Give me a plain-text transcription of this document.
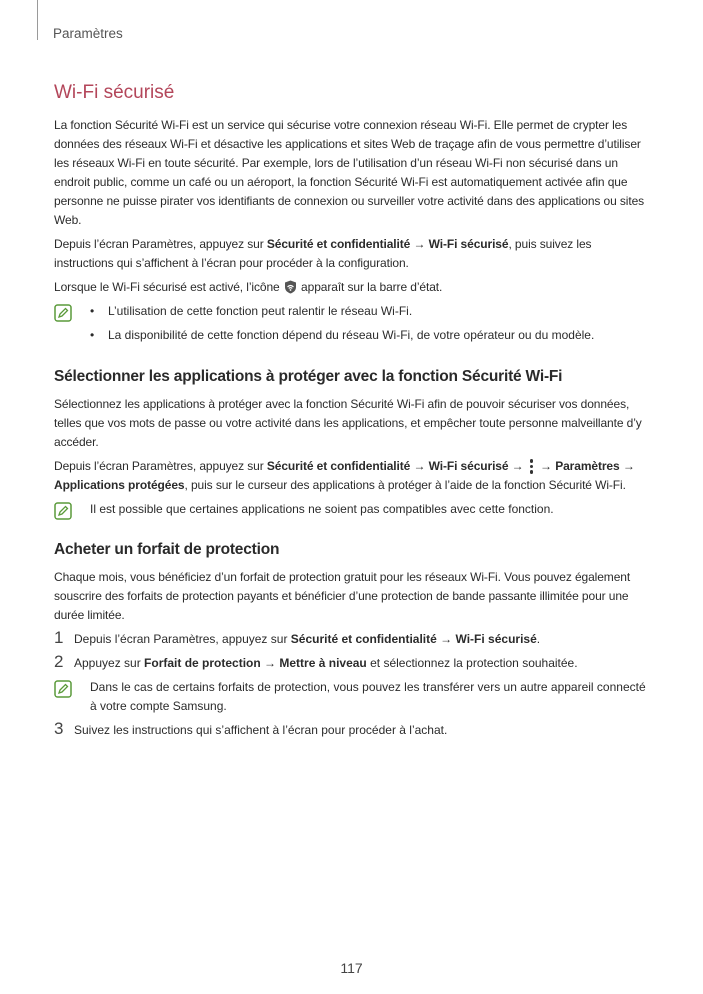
Paramètres
Wi-Fi sécurisé

La fonction Sécurité Wi-Fi est un service qui sécurise votre connexion réseau Wi-Fi. Elle permet de crypter les données des réseaux Wi-Fi et désactive les applications et sites Web de traçage afin de vous permettre d’utiliser les réseaux Wi-Fi en toute sécurité. Par exemple, lors de l’utilisation d’un réseau Wi-Fi non sécurisé dans un endroit public, comme un café ou un aéroport, la fonction Sécurité Wi-Fi est automatiquement activée afin que personne ne puisse pirater vos identifiants de connexion ou surveiller votre activité dans des applications ou sites Web.

Depuis l’écran Paramètres, appuyez sur Sécurité et confidentialité → Wi-Fi sécurisé, puis suivez les instructions qui s’affichent à l’écran pour procéder à la configuration.

Lorsque le Wi-Fi sécurisé est activé, l’icône  apparaît sur la barre d’état.

• L’utilisation de cette fonction peut ralentir le réseau Wi-Fi.
• La disponibilité de cette fonction dépend du réseau Wi-Fi, de votre opérateur ou du modèle.
Sélectionner les applications à protéger avec la fonction Sécurité Wi-Fi

Sélectionnez les applications à protéger avec la fonction Sécurité Wi-Fi afin de pouvoir sécuriser vos données, telles que vos mots de passe ou votre activité dans les applications, et empêcher toute personne malveillante d’y accéder.

Depuis l’écran Paramètres, appuyez sur Sécurité et confidentialité → Wi-Fi sécurisé →
→ Paramètres → Applications protégées, puis sur le curseur des applications à protéger à l’aide de la fonction Sécurité Wi-Fi.

Il est possible que certaines applications ne soient pas compatibles avec cette fonction.
Acheter un forfait de protection

Chaque mois, vous bénéficiez d’un forfait de protection gratuit pour les réseaux Wi-Fi. Vous pouvez également souscrire des forfaits de protection payants et bénéficier d’une protection de bande passante illimitée pour une durée limitée.

1 Depuis l’écran Paramètres, appuyez sur Sécurité et confidentialité → Wi-Fi sécurisé.
2 Appuyez sur Forfait de protection → Mettre à niveau et sélectionnez la protection souhaitée.
Dans le cas de certains forfaits de protection, vous pouvez les transférer vers un autre appareil connecté à votre compte Samsung.
3 Suivez les instructions qui s’affichent à l’écran pour procéder à l’achat.
117
